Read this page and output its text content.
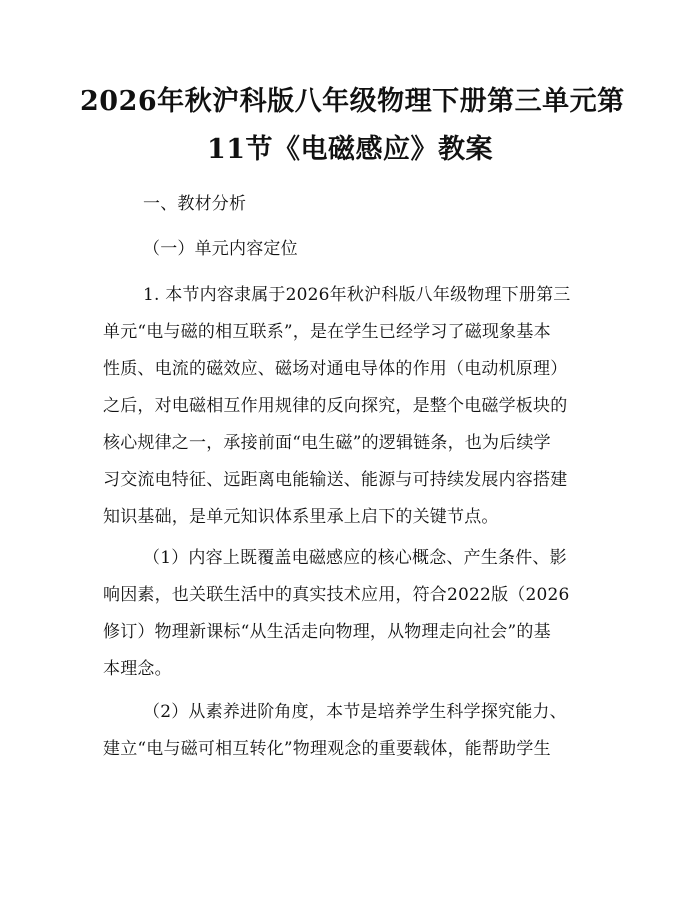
2026年秋沪科版八年级物理下册第三单元第
11节《电磁感应》教案

一、教材分析

（一）单元内容定位

1. 本节内容隶属于2026年秋沪科版八年级物理下册第三

单元“电与磁的相互联系”，是在学生已经学习了磁现象基本

性质、电流的磁效应、磁场对通电导体的作用（电动机原理）

之后，对电磁相互作用规律的反向探究，是整个电磁学板块的

核心规律之一，承接前面“电生磁”的逻辑链条，也为后续学

习交流电特征、远距离电能输送、能源与可持续发展内容搭建

知识基础，是单元知识体系里承上启下的关键节点。

（1）内容上既覆盖电磁感应的核心概念、产生条件、影

响因素，也关联生活中的真实技术应用，符合2022版（2026

修订）物理新课标“从生活走向物理，从物理走向社会”的基

本理念。

（2）从素养进阶角度，本节是培养学生科学探究能力、

建立“电与磁可相互转化”物理观念的重要载体，能帮助学生
